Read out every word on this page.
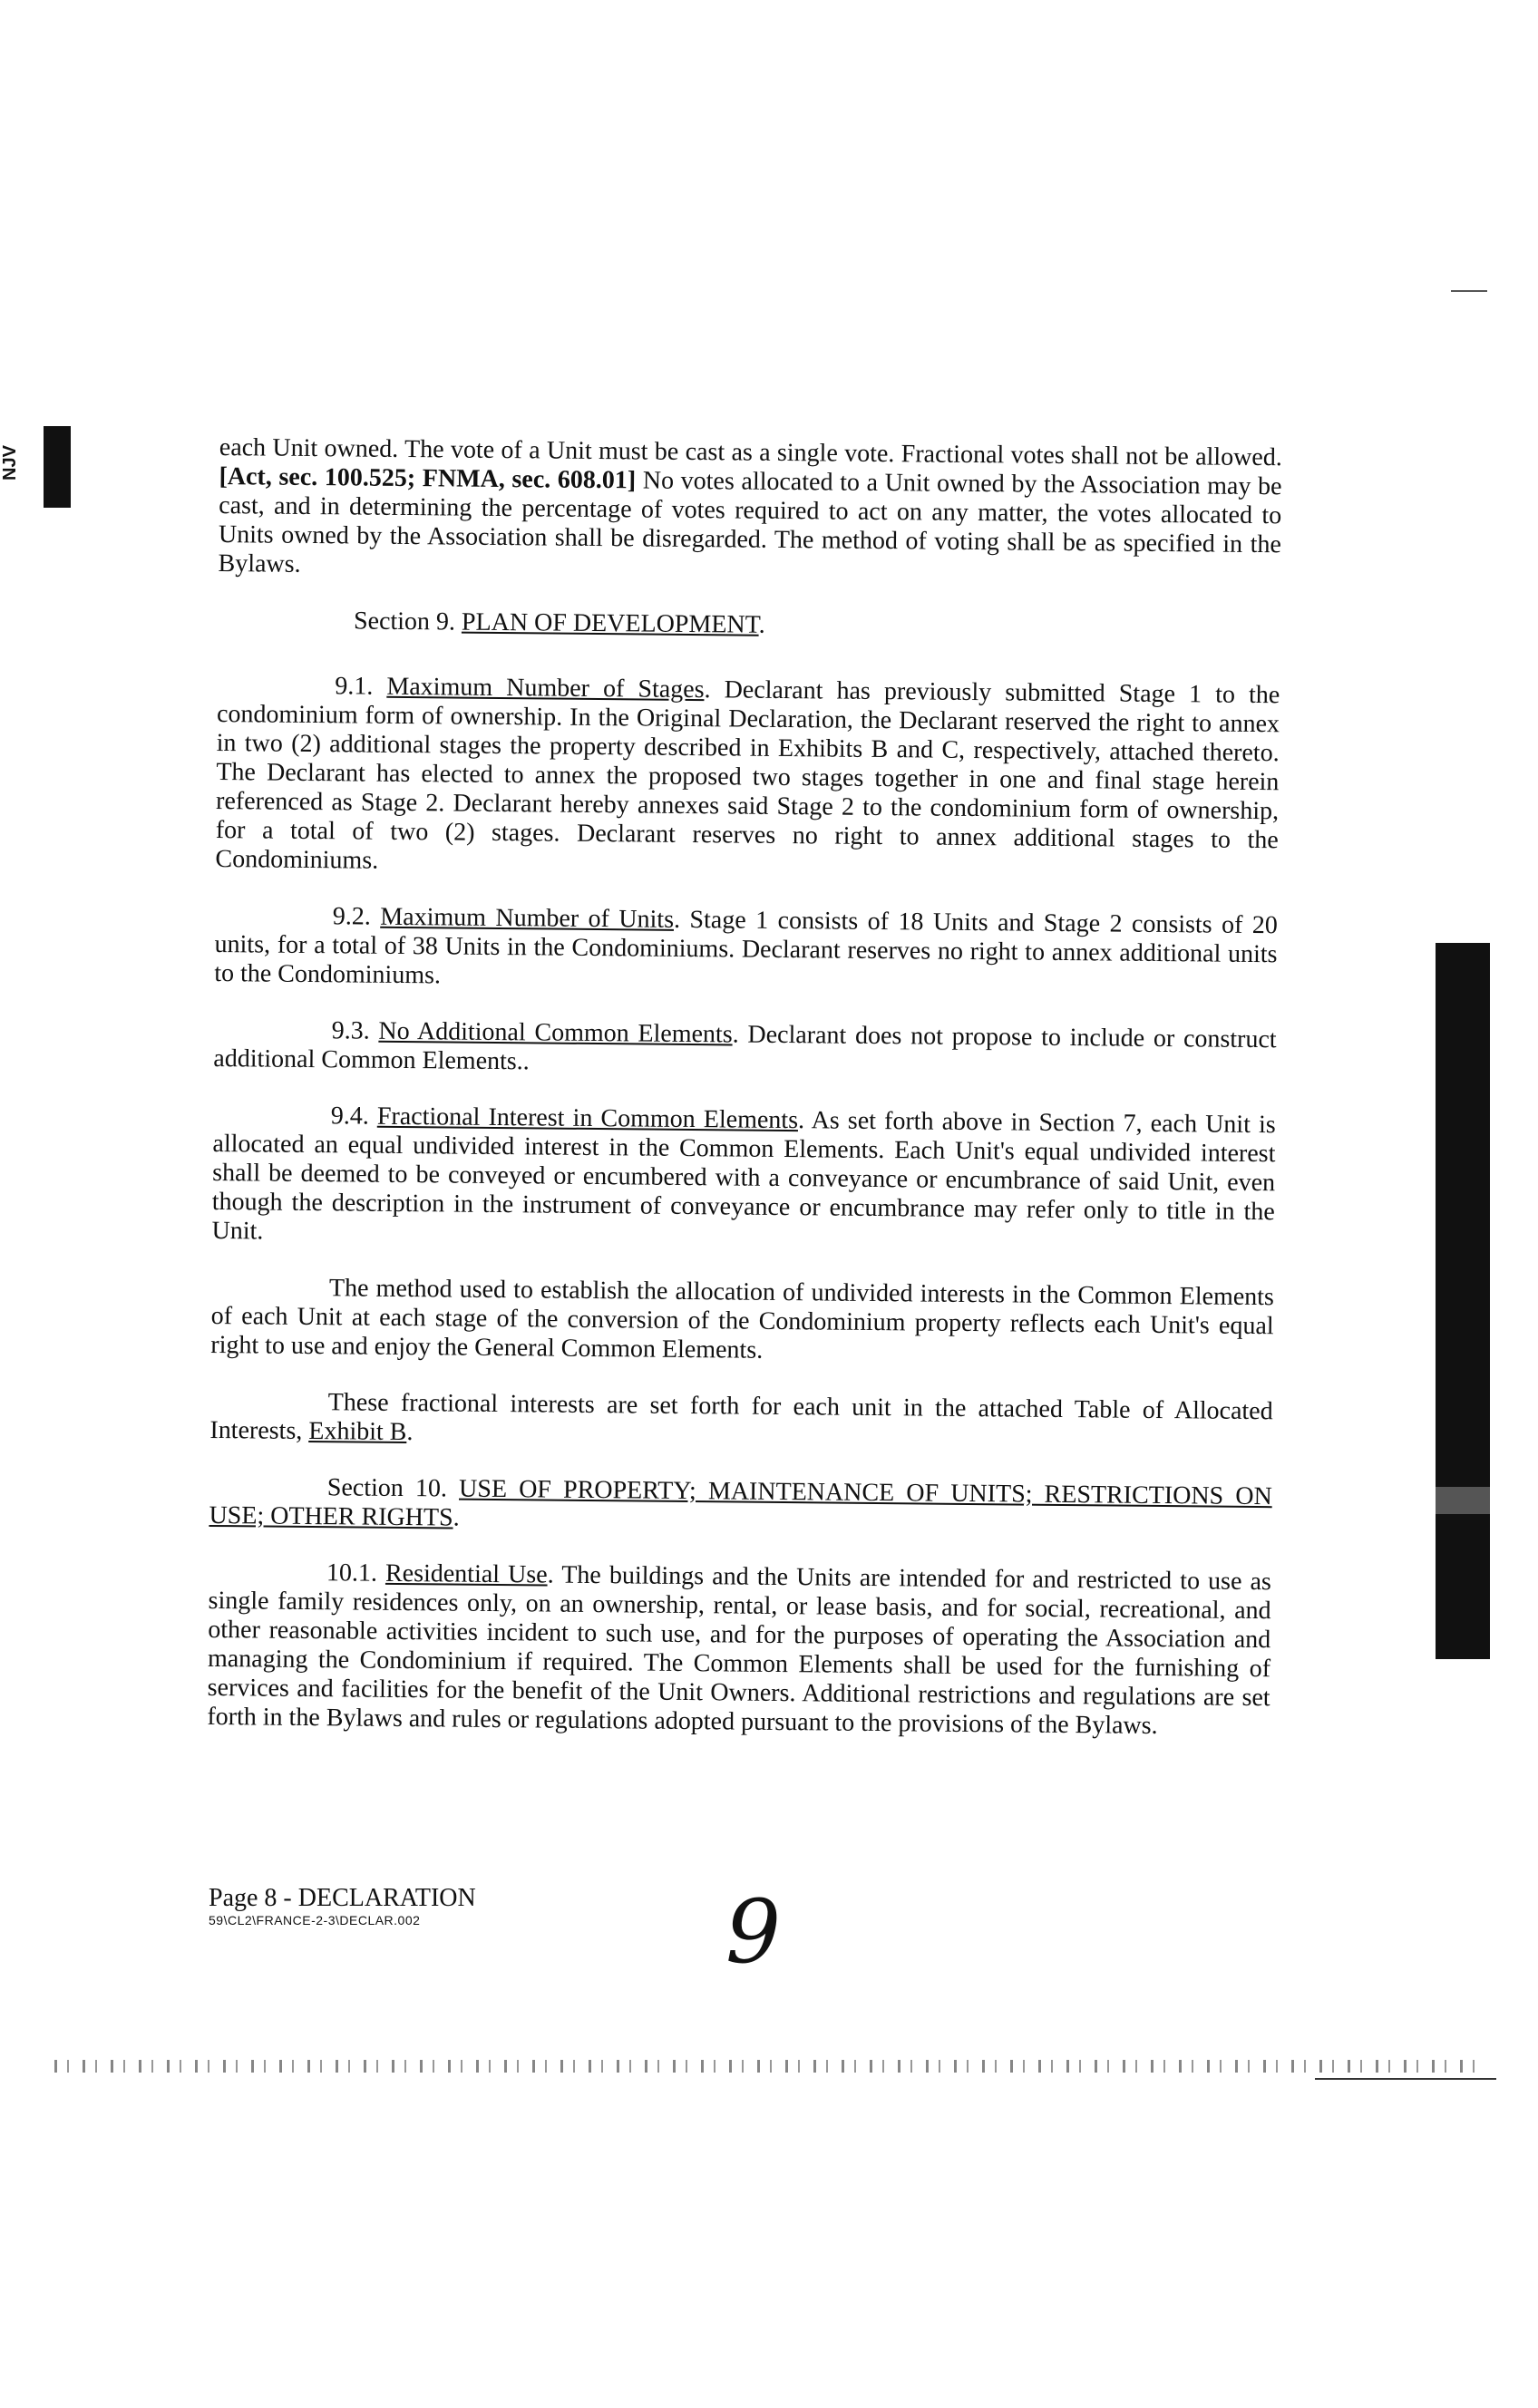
NJV	each Unit owned. The vote of a Unit must be cast as a single vote. Fractional votes shall not be allowed. [Act, sec. 100.525; FNMA, sec. 608.01] No votes allocated to a Unit owned by the Association may be cast, and in determining the percentage of votes required to act on any matter, the votes allocated to Units owned by the Association shall be disregarded. The method of voting shall be as specified in the Bylaws.

Section 9. PLAN OF DEVELOPMENT.

9.1. Maximum Number of Stages. Declarant has previously submitted Stage 1 to the condominium form of ownership. In the Original Declaration, the Declarant reserved the right to annex in two (2) additional stages the property described in Exhibits B and C, respectively, attached thereto. The Declarant has elected to annex the proposed two stages together in one and final stage herein referenced as Stage 2. Declarant hereby annexes said Stage 2 to the condominium form of ownership, for a total of two (2) stages. Declarant reserves no right to annex additional stages to the Condominiums.

9.2. Maximum Number of Units. Stage 1 consists of 18 Units and Stage 2 consists of 20 units, for a total of 38 Units in the Condominiums. Declarant reserves no right to annex additional units to the Condominiums.

9.3. No Additional Common Elements. Declarant does not propose to include or construct additional Common Elements..

9.4. Fractional Interest in Common Elements. As set forth above in Section 7, each Unit is allocated an equal undivided interest in the Common Elements. Each Unit's equal undivided interest shall be deemed to be conveyed or encumbered with a conveyance or encumbrance of said Unit, even though the description in the instrument of conveyance or encumbrance may refer only to title in the Unit.

The method used to establish the allocation of undivided interests in the Common Elements of each Unit at each stage of the conversion of the Condominium property reflects each Unit's equal right to use and enjoy the General Common Elements.

These fractional interests are set forth for each unit in the attached Table of Allocated Interests, Exhibit B.

Section 10. USE OF PROPERTY; MAINTENANCE OF UNITS; RESTRICTIONS ON USE; OTHER RIGHTS.

10.1. Residential Use. The buildings and the Units are intended for and restricted to use as single family residences only, on an ownership, rental, or lease basis, and for social, recreational, and other reasonable activities incident to such use, and for the purposes of operating the Association and managing the Condominium if required. The Common Elements shall be used for the furnishing of services and facilities for the benefit of the Unit Owners. Additional restrictions and regulations are set forth in the Bylaws and rules or regulations adopted pursuant to the provisions of the Bylaws.

Page 8 - DECLARATION
59\CL2\FRANCE-2-3\DECLAR.002	9
